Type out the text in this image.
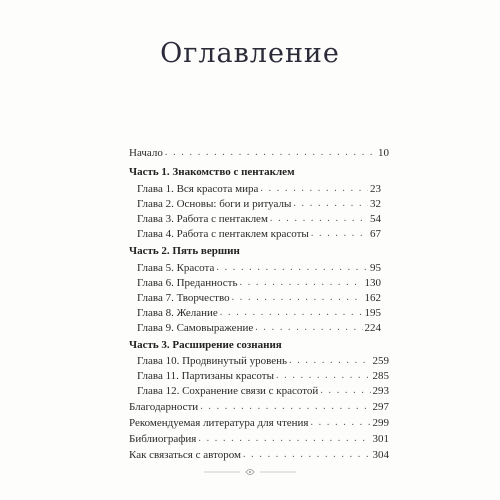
Оглавление
Начало . . .	10
Часть 1. Знакомство с пентаклем
Глава 1. Вся красота мира . . .	23
Глава 2. Основы: боги и ритуалы . . .	32
Глава 3. Работа с пентаклем . . .	54
Глава 4. Работа с пентаклем красоты . . .	67
Часть 2. Пять вершин
Глава 5. Красота . . .	95
Глава 6. Преданность . . .	130
Глава 7. Творчество . . .	162
Глава 8. Желание . . .	195
Глава 9. Самовыражение . . .	224
Часть 3. Расширение сознания
Глава 10. Продвинутый уровень . . .	259
Глава 11. Партизаны красоты . . .	285
Глава 12. Сохранение связи с красотой . . .	293
Благодарности . . .	297
Рекомендуемая литература для чтения . . .	299
Библиография . . .	301
Как связаться с автором . . .	304
